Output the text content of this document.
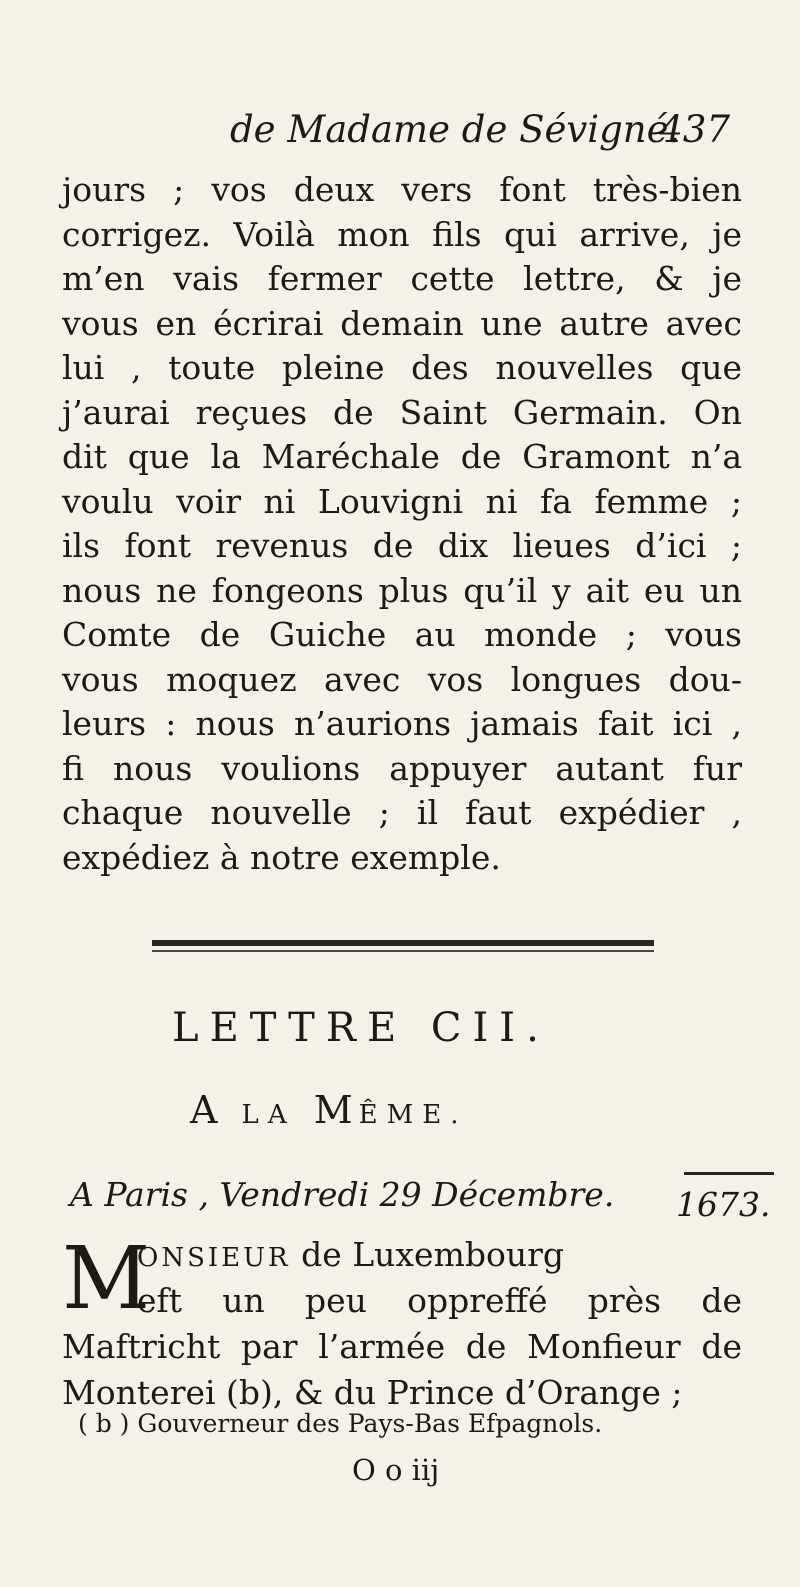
de Madame de Sévigné.
437
jours ; vos deux vers font très-bien
corrigez. Voilà mon fils qui arrive, je
m’en vais fermer cette lettre, & je
vous en écrirai demain une autre avec
lui , toute pleine des nouvelles que
j’aurai reçues de Saint Germain. On
dit que la Maréchale de Gramont n’a
voulu voir ni Louvigni ni fa femme ;
ils font revenus de dix lieues d’ici ;
nous ne fongeons plus qu’il y ait eu un
Comte de Guiche au monde ; vous
vous moquez avec vos longues dou-
leurs : nous n’aurions jamais fait ici ,
fi nous voulions appuyer autant fur
chaque nouvelle ; il faut expédier ,
expédiez à notre exemple.
LETTRE CII.
A LA MÊME.
A Paris , Vendredi 29 Décembre.	1673.
M
ONSIEUR de Luxembourg
eft un peu oppreffé près de
Maftricht par l’armée de Monfieur de
Monterei (b), & du Prince d’Orange ;
( b ) Gouverneur des Pays-Bas Efpagnols.
O o iij
